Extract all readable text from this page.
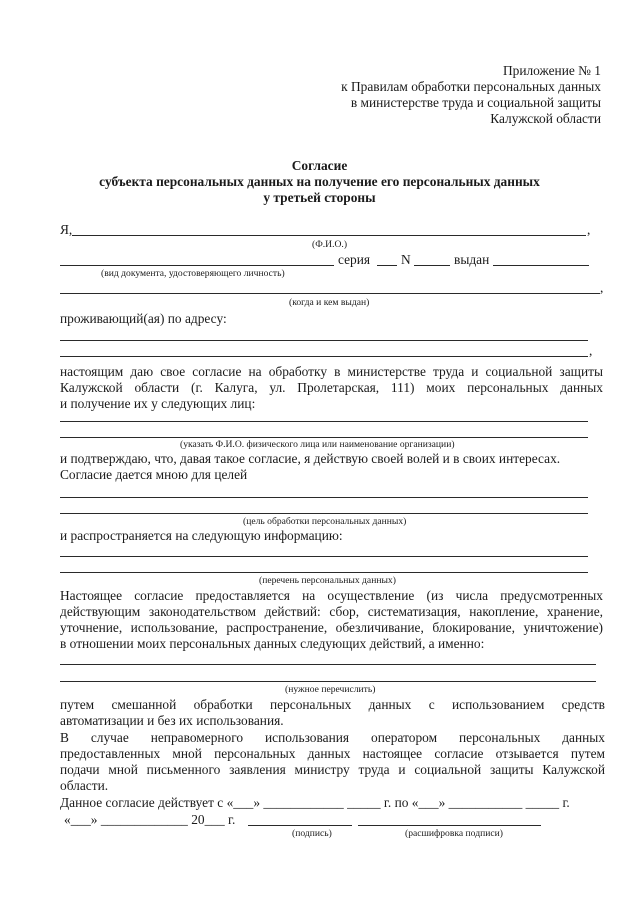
Приложение № 1
к Правилам обработки персональных данных
в министерстве труда и социальной защиты
Калужской области
Согласие
субъекта персональных данных на получение его персональных данных
у третьей стороны
Я,	,
(Ф.И.О.)
серия N	выдан
(вид документа, удостоверяющего личность)
,
(когда и кем выдан)
проживающий(ая) по адресу:
,
настоящим даю свое согласие на обработку в министерстве труда и социальной защиты
Калужской области (г. Калуга, ул. Пролетарская, 111) моих персональных данных
и получение их у следующих лиц:
(указать Ф.И.О. физического лица или наименование организации)
и подтверждаю, что, давая такое согласие, я действую своей волей и в своих интересах.
Согласие дается мною для целей
(цель обработки персональных данных)
и распространяется на следующую информацию:
(перечень персональных данных)
Настоящее согласие предоставляется на осуществление (из числа предусмотренных
действующим законодательством действий: сбор, систематизация, накопление, хранение,
уточнение, использование, распространение, обезличивание, блокирование, уничтожение)
в отношении моих персональных данных следующих действий, а именно:
(нужное перечислить)
путем смешанной обработки персональных данных с использованием средств
автоматизации и без их использования.
В случае неправомерного использования оператором персональных данных
предоставленных мной персональных данных настоящее согласие отзывается путем
подачи мной письменного заявления министру труда и социальной защиты Калужской
области.
Данное согласие действует с «___» ____________ _____ г. по «___» ___________ _____ г.
«___» _____________ 20___ г.
(подпись)	(расшифровка подписи)
